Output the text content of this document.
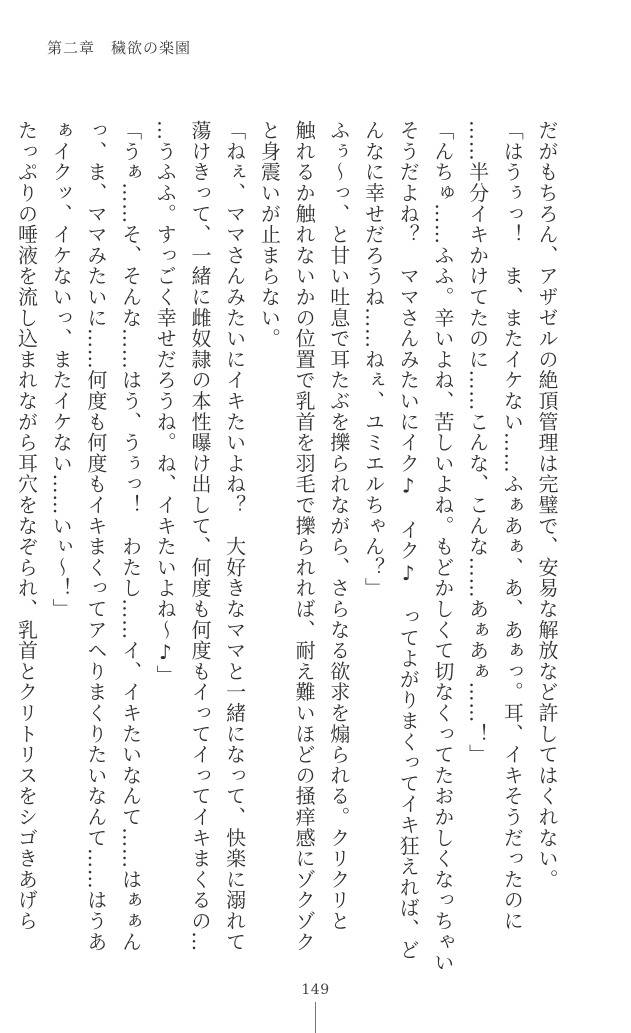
第二章 穢欲の楽園
だがもちろん、アザゼルの絶頂管理は完璧で、安易な解放など許してはくれない。
「はうぅっ！　ま、またイケない……ふぁあぁ、あ、あぁっ。耳、イキそうだったのに
……半分イキかけてたのに……こんな、こんな……あぁあぁ……！」
「んちゅ……ふふ。辛いよね、苦しいよね。もどかしくて切なくってたおかしくなっちゃい
そうだよね？　ママさんみたいにイク♪　イク♪　ってよがりまくってイキ狂えれば、ど
んなに幸せだろうね……ねぇ、ユミエルちゃん？」
ふぅ〜っ、と甘い吐息で耳たぶを擽られながら、さらなる欲求を煽られる。クリクリと
触れるか触れないかの位置で乳首を羽毛で擽られれば、耐え難いほどの掻痒感にゾクゾク
と身震いが止まらない。
「ねぇ、ママさんみたいにイキたいよね？　大好きなママと一緒になって、快楽に溺れて
蕩けきって、一緒に雌奴隷の本性曝け出して、何度も何度もイってイってイキまくるの…
…うふふ。すっごく幸せだろうね。ね、イキたいよね〜♪」
「うぁ……そ、そんな……はう、うぅっ！　わたし……イ、イキたいなんて……はぁぁん
っ、ま、ママみたいに……何度も何度もイキまくってアヘりまくりたいなんて……はうあ
ぁイクッ、イケないっ、またイケない……いぃ〜！」
たっぷりの唾液を流し込まれながら耳穴をなぞられ、乳首とクリトリスをシゴきあげら
149
